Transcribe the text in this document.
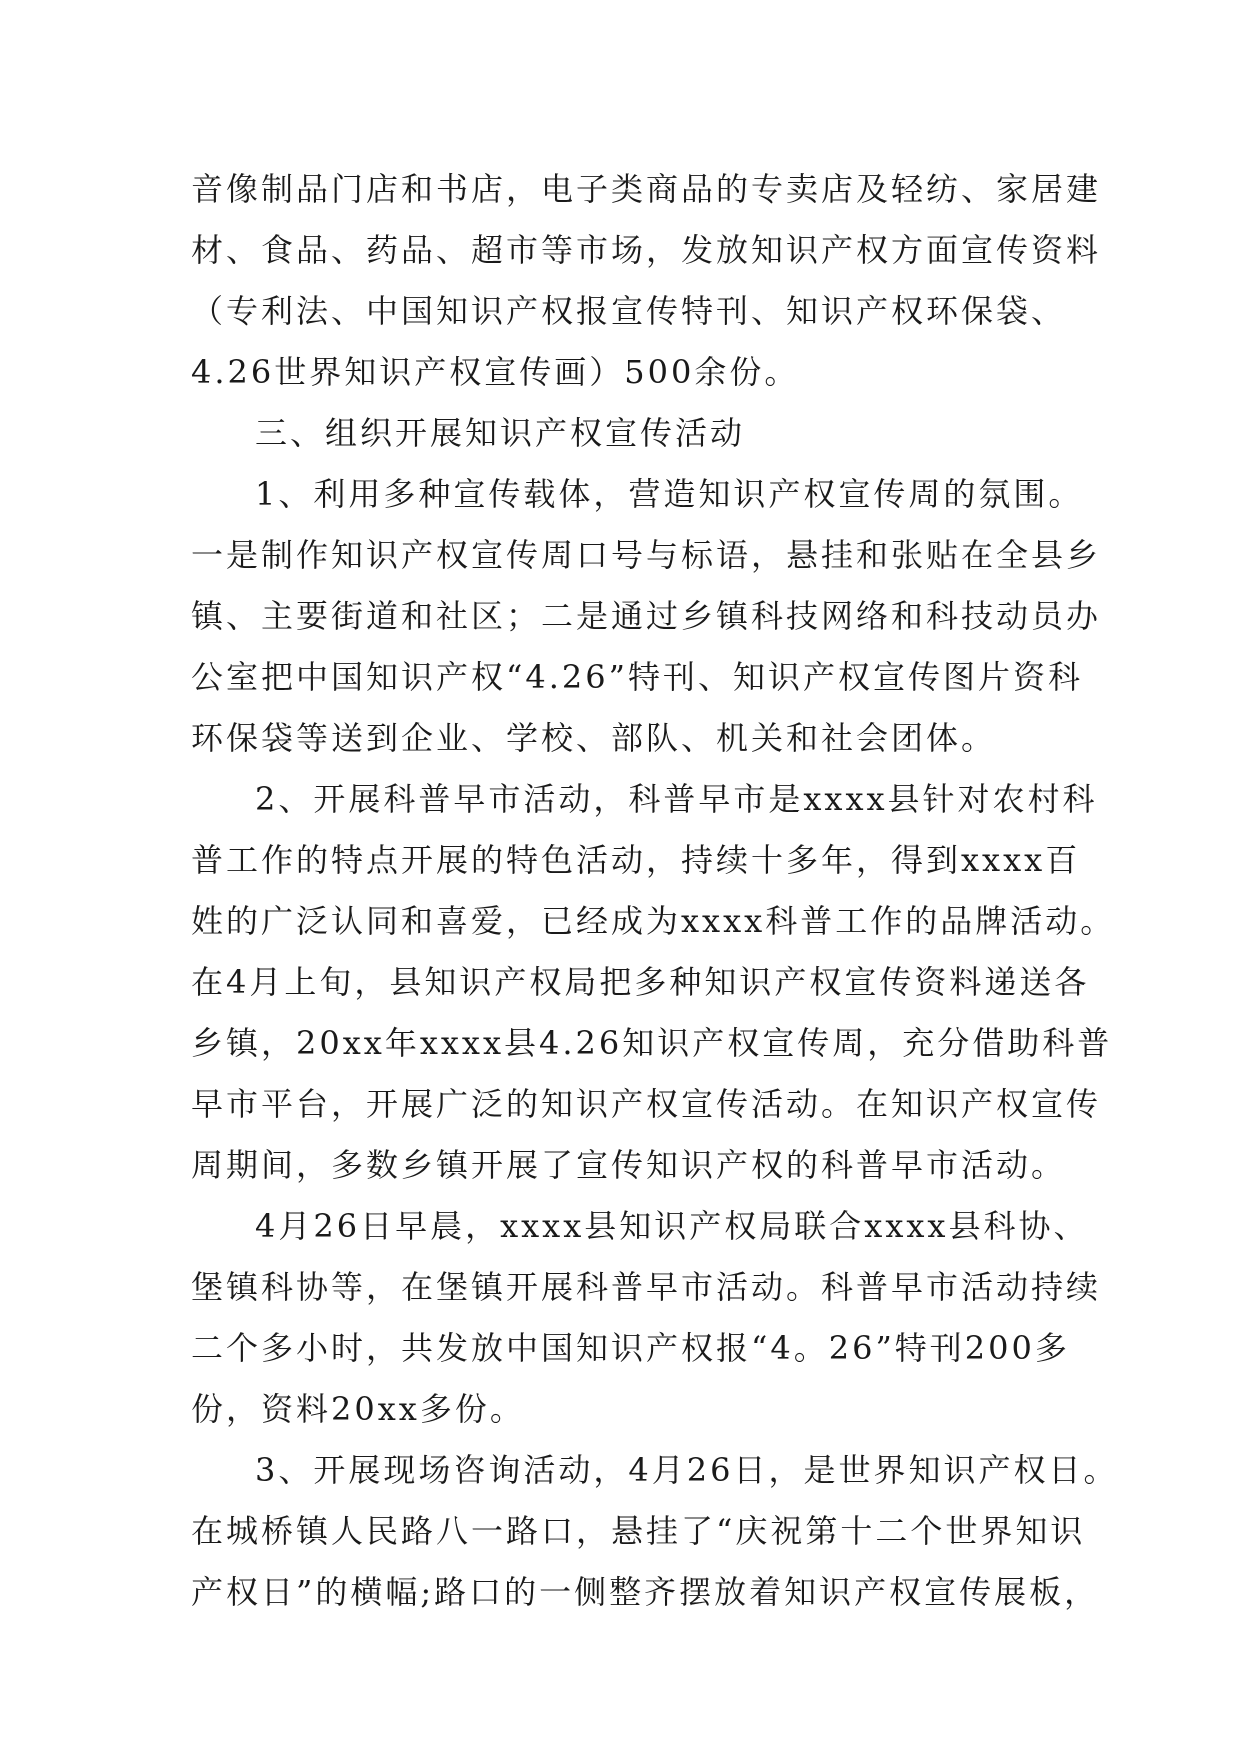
音像制品门店和书店，电子类商品的专卖店及轻纺、家居建
材、食品、药品、超市等市场，发放知识产权方面宣传资料
（专利法、中国知识产权报宣传特刊、知识产权环保袋、
4.26世界知识产权宣传画）500余份。
三、组织开展知识产权宣传活动
1、利用多种宣传载体，营造知识产权宣传周的氛围。
一是制作知识产权宣传周口号与标语，悬挂和张贴在全县乡
镇、主要街道和社区；二是通过乡镇科技网络和科技动员办
公室把中国知识产权“4.26”特刊、知识产权宣传图片资科
环保袋等送到企业、学校、部队、机关和社会团体。
2、开展科普早市活动，科普早市是xxxx县针对农村科
普工作的特点开展的特色活动，持续十多年，得到xxxx百
姓的广泛认同和喜爱，已经成为xxxx科普工作的品牌活动。
在4月上旬，县知识产权局把多种知识产权宣传资料递送各
乡镇，20xx年xxxx县4.26知识产权宣传周，充分借助科普
早市平台，开展广泛的知识产权宣传活动。在知识产权宣传
周期间，多数乡镇开展了宣传知识产权的科普早市活动。
4月26日早晨，xxxx县知识产权局联合xxxx县科协、
堡镇科协等，在堡镇开展科普早市活动。科普早市活动持续
二个多小时，共发放中国知识产权报“4。26”特刊200多
份，资料20xx多份。
3、开展现场咨询活动，4月26日，是世界知识产权日。
在城桥镇人民路八一路口，悬挂了“庆祝第十二个世界知识
产权日”的横幅;路口的一侧整齐摆放着知识产权宣传展板，
